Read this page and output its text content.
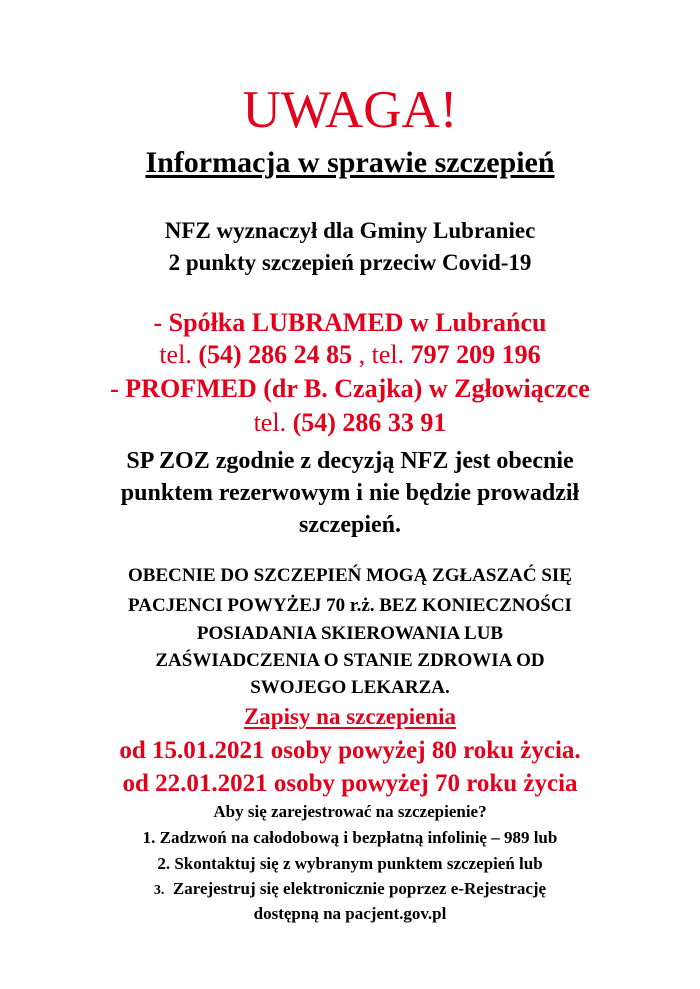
UWAGA!
Informacja w sprawie szczepień
NFZ wyznaczył dla Gminy Lubraniec
2 punkty szczepień przeciw Covid-19
- Spółka LUBRAMED w Lubrańcu
tel. (54) 286 24 85 , tel. 797 209 196
- PROFMED (dr B. Czajka) w Zgłowiączce
tel. (54) 286 33 91
SP ZOZ zgodnie z decyzją NFZ jest obecnie
punktem rezerwowym i nie będzie prowadził
szczepień.
OBECNIE DO SZCZEPIEŃ MOGĄ ZGŁASZAĆ SIĘ
PACJENCI POWYŻEJ 70 r.ż. BEZ KONIECZNOŚCI
POSIADANIA SKIEROWANIA LUB
ZAŚWIADCZENIA O STANIE ZDROWIA OD
SWOJEGO LEKARZA.
Zapisy na szczepienia
od 15.01.2021 osoby powyżej 80 roku życia.
od 22.01.2021 osoby powyżej 70 roku życia
Aby się zarejestrować na szczepienie?
1. Zadzwoń na całodobową i bezpłatną infolinię – 989 lub
2. Skontaktuj się z wybranym punktem szczepień lub
3. Zarejestruj się elektronicznie poprzez e-Rejestrację
dostępną na pacjent.gov.pl
